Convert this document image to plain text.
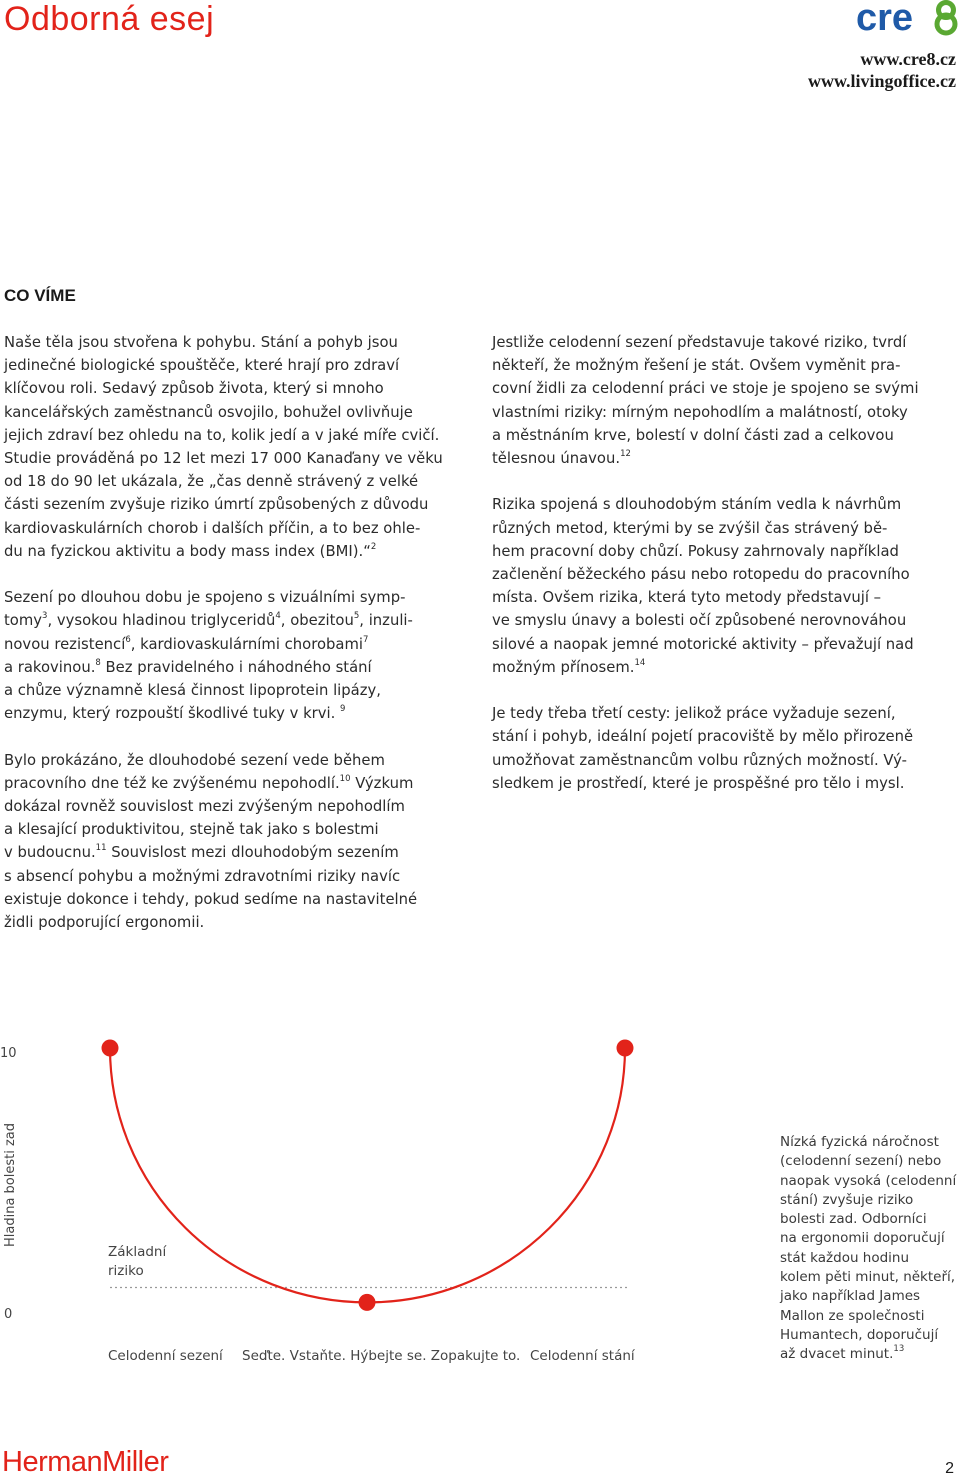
Odborná esej	cre
www.cre8.cz
www.livingoffice.cz
CO VÍME

Naše těla jsou stvořena k pohybu. Stání a pohyb jsou
jedinečné biologické spouštěče, které hrají pro zdraví
klíčovou roli. Sedavý způsob života, který si mnoho
kancelářských zaměstnanců osvojilo, bohužel ovlivňuje
jejich zdraví bez ohledu na to, kolik jedí a v jaké míře cvičí.
Studie prováděná po 12 let mezi 17 000 Kanaďany ve věku
od 18 do 90 let ukázala, že „čas denně strávený z velké
části sezením zvyšuje riziko úmrtí způsobených z důvodu
kardiovaskulárních chorob i dalších příčin, a to bez ohle-
du na fyzickou aktivitu a body mass index (BMI).“$^2$

Sezení po dlouhou dobu je spojeno s vizuálními symp-
tomy$^3$, vysokou hladinou triglyceridů$^4$, obezitou$^5$, inzuli-
novou rezistencí$^6$, kardiovaskulárními chorobami$^7$
a rakovinou.$^8$ Bez pravidelného i náhodného stání
a chůze významně klesá činnost lipoprotein lipázy,
enzymu, který rozpouští škodlivé tuky v krvi. $^9$

Bylo prokázáno, že dlouhodobé sezení vede během
pracovního dne též ke zvýšenému nepohodlí.$^{10}$ Výzkum
dokázal rovněž souvislost mezi zvýšeným nepohodlím
a klesající produktivitou, stejně tak jako s bolestmi
v budoucnu.$^{11}$ Souvislost mezi dlouhodobým sezením
s absencí pohybu a možnými zdravotními riziky navíc
existuje dokonce i tehdy, pokud sedíme na nastavitelné
židli podporující ergonomii.

Jestliže celodenní sezení představuje takové riziko, tvrdí
někteří, že možným řešení je stát. Ovšem vyměnit pra-
covní židli za celodenní práci ve stoje je spojeno se svými
vlastními riziky: mírným nepohodlím a malátností, otoky
a městnáním krve, bolestí v dolní části zad a celkovou
tělesnou únavou.$^{12}$

Rizika spojená s dlouhodobým stáním vedla k návrhům
různých metod, kterými by se zvýšil čas strávený bě-
hem pracovní doby chůzí. Pokusy zahrnovaly například
začlenění běžeckého pásu nebo rotopedu do pracovního
místa. Ovšem rizika, která tyto metody představují –
ve smyslu únavy a bolesti očí způsobené nerovnováhou
silové a naopak jemné motorické aktivity – převažují nad
možným přínosem.$^{14}$

Je tedy třeba třetí cesty: jelikož práce vyžaduje sezení,
stání i pohyb, ideální pojetí pracoviště by mělo přirozeně
umožňovat zaměstnancům volbu různých možností. Vý-
sledkem je prostředí, které je prospěšné pro tělo i mysl.

10
0
Hladina bolesti zad
Základní
riziko
Celodenní sezení Seďte. Vstaňte. Hýbejte se. Zopakujte to. Celodenní stání
Nízká fyzická náročnost
(celodenní sezení) nebo
naopak vysoká (celodenní
stání) zvyšuje riziko
bolesti zad. Odborníci
na ergonomii doporučují
stát každou hodinu
kolem pěti minut, někteří,
jako například James
Mallon ze společnosti
Humantech, doporučují
až dvacet minut.$^{13}$
HermanMiller	2
